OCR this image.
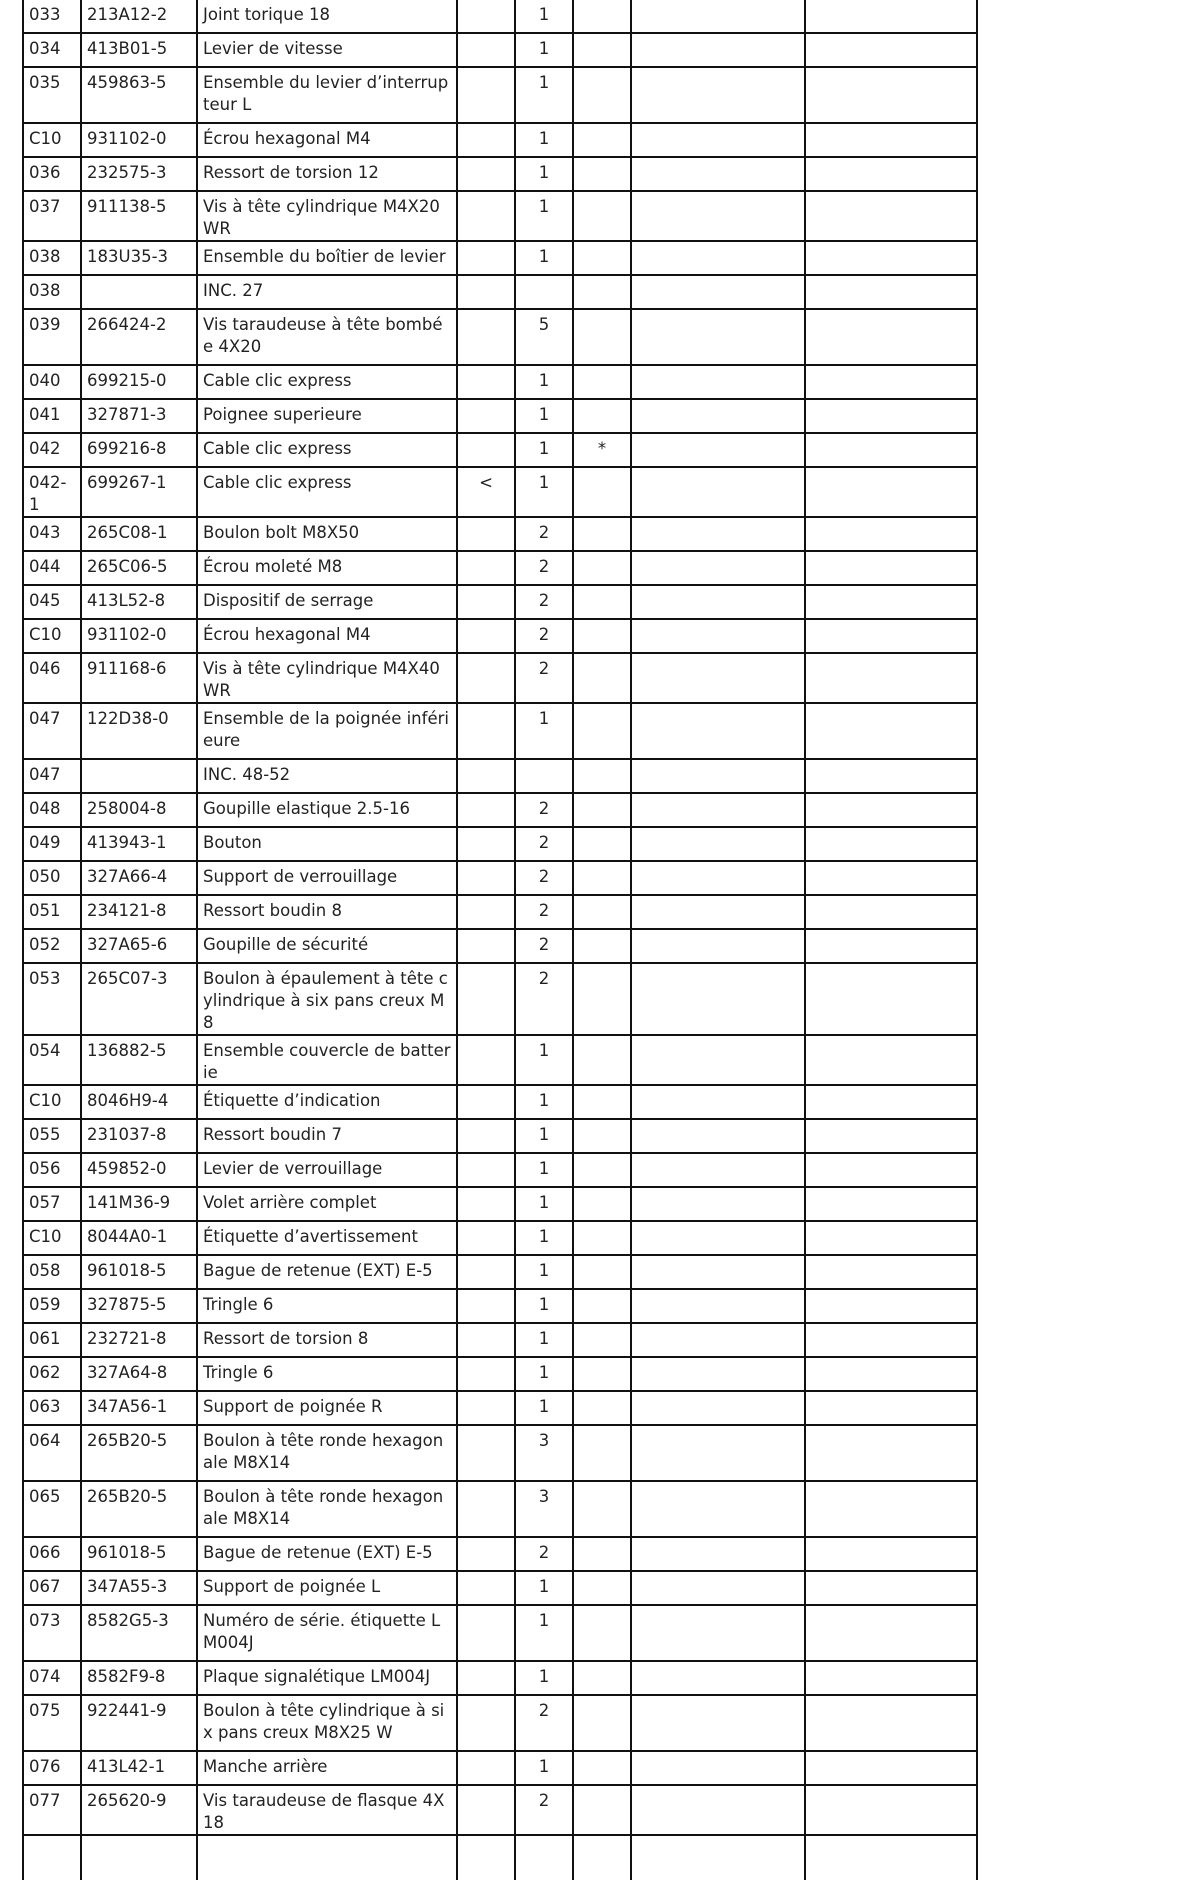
033	213A12-2	Joint torique 18		1			
034	413B01-5	Levier de vitesse		1			
035	459863-5	Ensemble du levier d’interrupteur L		1			
C10	931102-0	Écrou hexagonal M4		1			
036	232575-3	Ressort de torsion 12		1			
037	911138-5	Vis à tête cylindrique M4X20 WR		1			
038	183U35-3	Ensemble du boîtier de levier		1			
038		INC. 27					
039	266424-2	Vis taraudeuse à tête bombée 4X20		5			
040	699215-0	Cable clic express		1			
041	327871-3	Poignee superieure		1			
042	699216-8	Cable clic express		1	*		
042-1	699267-1	Cable clic express	<	1			
043	265C08-1	Boulon bolt M8X50		2			
044	265C06-5	Écrou moleté M8		2			
045	413L52-8	Dispositif de serrage		2			
C10	931102-0	Écrou hexagonal M4		2			
046	911168-6	Vis à tête cylindrique M4X40 WR		2			
047	122D38-0	Ensemble de la poignée inférieure		1			
047		INC. 48-52					
048	258004-8	Goupille elastique 2.5-16		2			
049	413943-1	Bouton		2			
050	327A66-4	Support de verrouillage		2			
051	234121-8	Ressort boudin 8		2			
052	327A65-6	Goupille de sécurité		2			
053	265C07-3	Boulon à épaulement à tête cylindrique à six pans creux M8		2			
054	136882-5	Ensemble couvercle de batterie		1			
C10	8046H9-4	Étiquette d’indication		1			
055	231037-8	Ressort boudin 7		1			
056	459852-0	Levier de verrouillage		1			
057	141M36-9	Volet arrière complet		1			
C10	8044A0-1	Étiquette d’avertissement		1			
058	961018-5	Bague de retenue (EXT) E-5		1			
059	327875-5	Tringle 6		1			
061	232721-8	Ressort de torsion 8		1			
062	327A64-8	Tringle 6		1			
063	347A56-1	Support de poignée R		1			
064	265B20-5	Boulon à tête ronde hexagonale M8X14		3			
065	265B20-5	Boulon à tête ronde hexagonale M8X14		3			
066	961018-5	Bague de retenue (EXT) E-5		2			
067	347A55-3	Support de poignée L		1			
073	8582G5-3	Numéro de série. étiquette LM004J		1			
074	8582F9-8	Plaque signalétique LM004J		1			
075	922441-9	Boulon à tête cylindrique à six pans creux M8X25 W		2			
076	413L42-1	Manche arrière		1			
077	265620-9	Vis taraudeuse de flasque 4X18		2			
